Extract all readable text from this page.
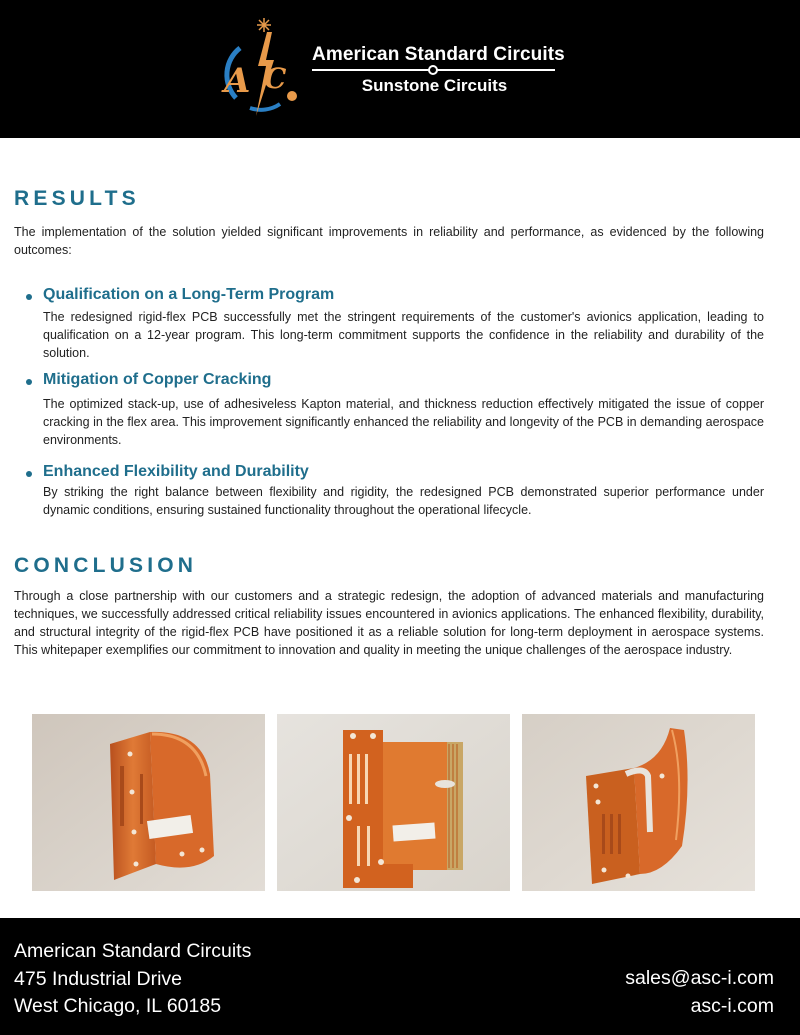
A C
American Standard Circuits
Sunstone Circuits
RESULTS
The implementation of the solution yielded significant improvements in reliability and performance, as evidenced by the following outcomes:
Qualification on a Long-Term Program
The redesigned rigid-flex PCB successfully met the stringent requirements of the customer's avionics application, leading to qualification on a 12-year program. This long-term commitment supports the confidence in the reliability and durability of the solution.
Mitigation of Copper Cracking
The optimized stack-up, use of adhesiveless Kapton material, and thickness reduction effectively mitigated the issue of copper cracking in the flex area. This improvement significantly enhanced the reliability and longevity of the PCB in demanding aerospace environments.
Enhanced Flexibility and Durability
By striking the right balance between flexibility and rigidity, the redesigned PCB demonstrated superior performance under dynamic conditions, ensuring sustained functionality throughout the operational lifecycle.
CONCLUSION
Through a close partnership with our customers and a strategic redesign, the adoption of advanced materials and manufacturing techniques, we successfully addressed critical reliability issues encountered in avionics applications. The enhanced flexibility, durability, and structural integrity of the rigid-flex PCB have positioned it as a reliable solution for long-term deployment in aerospace systems. This whitepaper exemplifies our commitment to innovation and quality in meeting the unique challenges of the aerospace industry.
American Standard Circuits
475 Industrial Drive
West Chicago, IL 60185
sales@asc-i.com
asc-i.com
